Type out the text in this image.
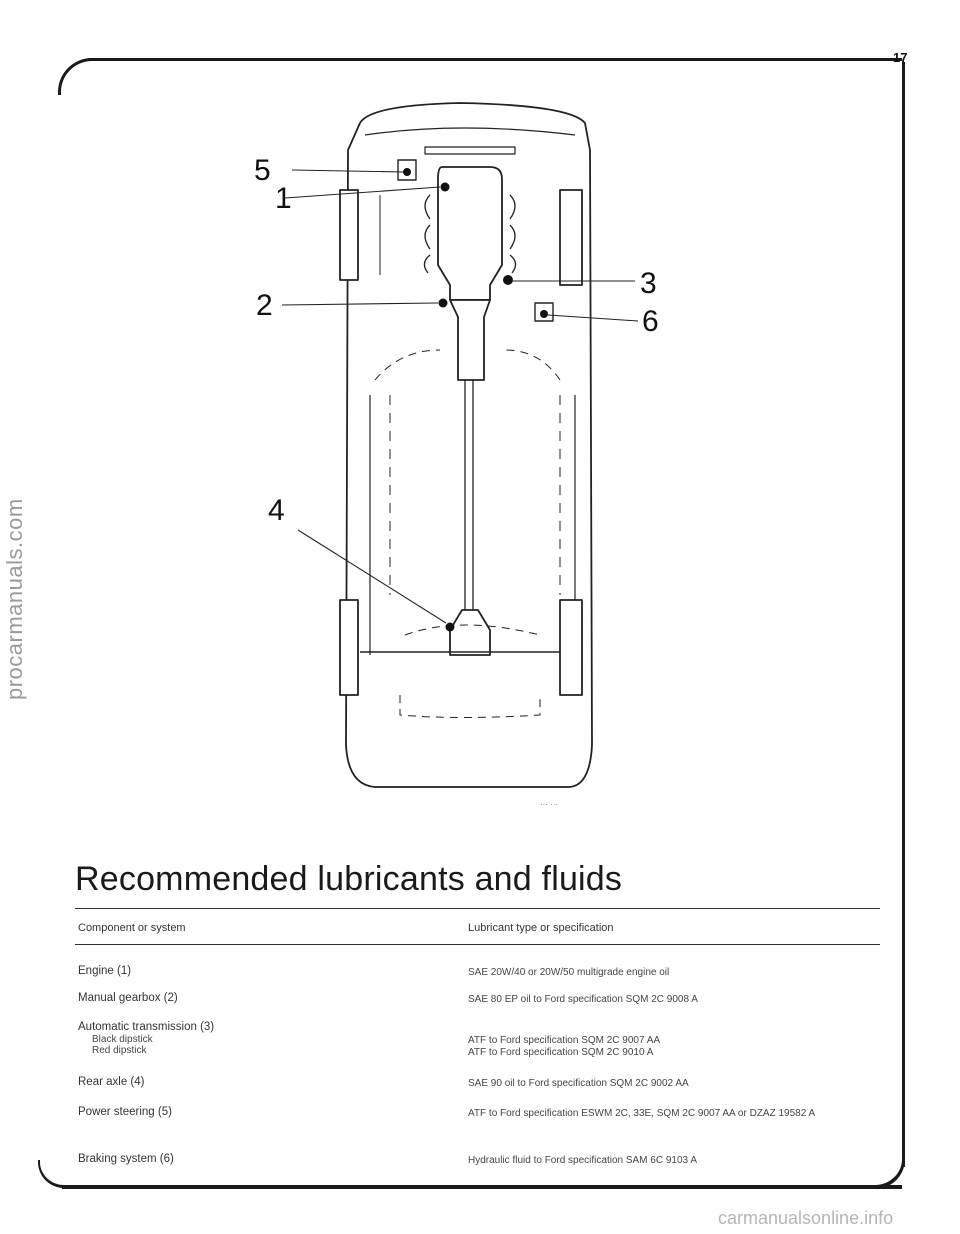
17
procarmanuals.com
carmanualsonline.info
5
1
2
3
6
4
··· ···
Recommended lubricants and fluids
Component or system	Lubricant type or specification
Engine (1)	SAE 20W/40 or 20W/50 multigrade engine oil
Manual gearbox (2)	SAE 80 EP oil to Ford specification SQM 2C 9008 A
Automatic transmission (3)
Black dipstick	ATF to Ford specification SQM 2C 9007 AA
Red dipstick	ATF to Ford specification SQM 2C 9010 A
Rear axle (4)	SAE 90 oil to Ford specification SQM 2C 9002 AA
Power steering (5)	ATF to Ford specification ESWM 2C, 33E, SQM 2C 9007 AA or DZAZ 19582 A
Braking system (6)	Hydraulic fluid to Ford specification SAM 6C 9103 A
